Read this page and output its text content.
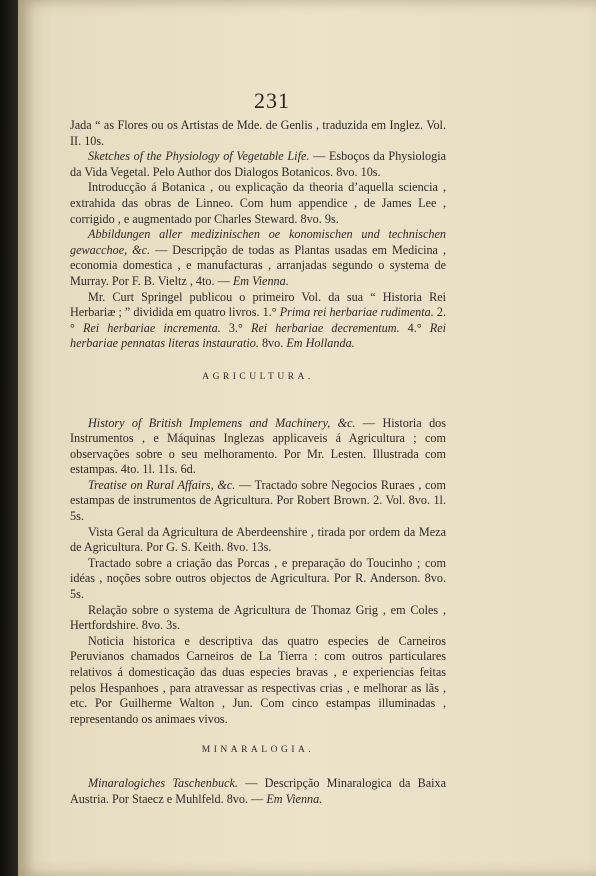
231

Jada “ as Flores ou os Artistas de Mde. de Genlis , traduzida em Inglez. Vol. II. 10s.

Sketches of the Physiology of Vegetable Life. — Esboços da Physiologia da Vida Vegetal. Pelo Author dos Dialogos Botanicos. 8vo. 10s.

Introducção á Botanica , ou explicação da theoria d’aquella sciencia , extrahida das obras de Linneo. Com hum appendice , de James Lee , corrigido , e augmentado por Charles Steward. 8vo. 9s.

Abbildungen aller medizinischen oe konomischen und technischen gewacchoe, &c. — Descripção de todas as Plantas usadas em Medicina , economia domestica , e manufacturas , arranjadas segundo o systema de Murray. Por F. B. Vieltz , 4to. — Em Vienna.

Mr. Curt Springel publicou o primeiro Vol. da sua “ Historia Rei Herbariæ ; ” dividida em quatro livros. 1.° Prima rei herbariae rudimenta. 2.° Rei herbariae incrementa. 3.° Rei herbariae decrementum. 4.° Rei herbariae pennatas literas instauratio. 8vo. Em Hollanda.

AGRICULTURA.

History of British Implemens and Machinery, &c. — Historia dos Instrumentos , e Máquinas Inglezas applicaveis á Agricultura ; com observações sobre o seu melhoramento. Por Mr. Lesten. Illustrada com estampas. 4to. 1l. 11s. 6d.

Treatise on Rural Affairs, &c. — Tractado sobre Negocios Ruraes , com estampas de instrumentos de Agricultura. Por Robert Brown. 2. Vol. 8vo. 1l. 5s.

Vista Geral da Agricultura de Aberdeenshire , tirada por ordem da Meza de Agricultura. Por G. S. Keith. 8vo. 13s.

Tractado sobre a criação das Porcas , e preparação do Toucinho ; com idéas , noções sobre outros objectos de Agricultura. Por R. Anderson. 8vo. 5s.

Relação sobre o systema de Agricultura de Thomaz Grig , em Coles , Hertfordshire. 8vo. 3s.

Noticia historica e descriptiva das quatro especies de Carneiros Peruvianos chamados Carneiros de La Tierra : com outros particulares relativos á domesticação das duas especies bravas , e experiencias feitas pelos Hespanhoes , para atravessar as respectivas crias , e melhorar as lãs , etc. Por Guilherme Walton , Jun. Com cinco estampas illuminadas , representando os animaes vivos.

MINARALOGIA.

Minaralogiches Taschenbuck. — Descripção Minaralogica da Baixa Austria. Por Staecz e Muhlfeld. 8vo. — Em Vienna.
